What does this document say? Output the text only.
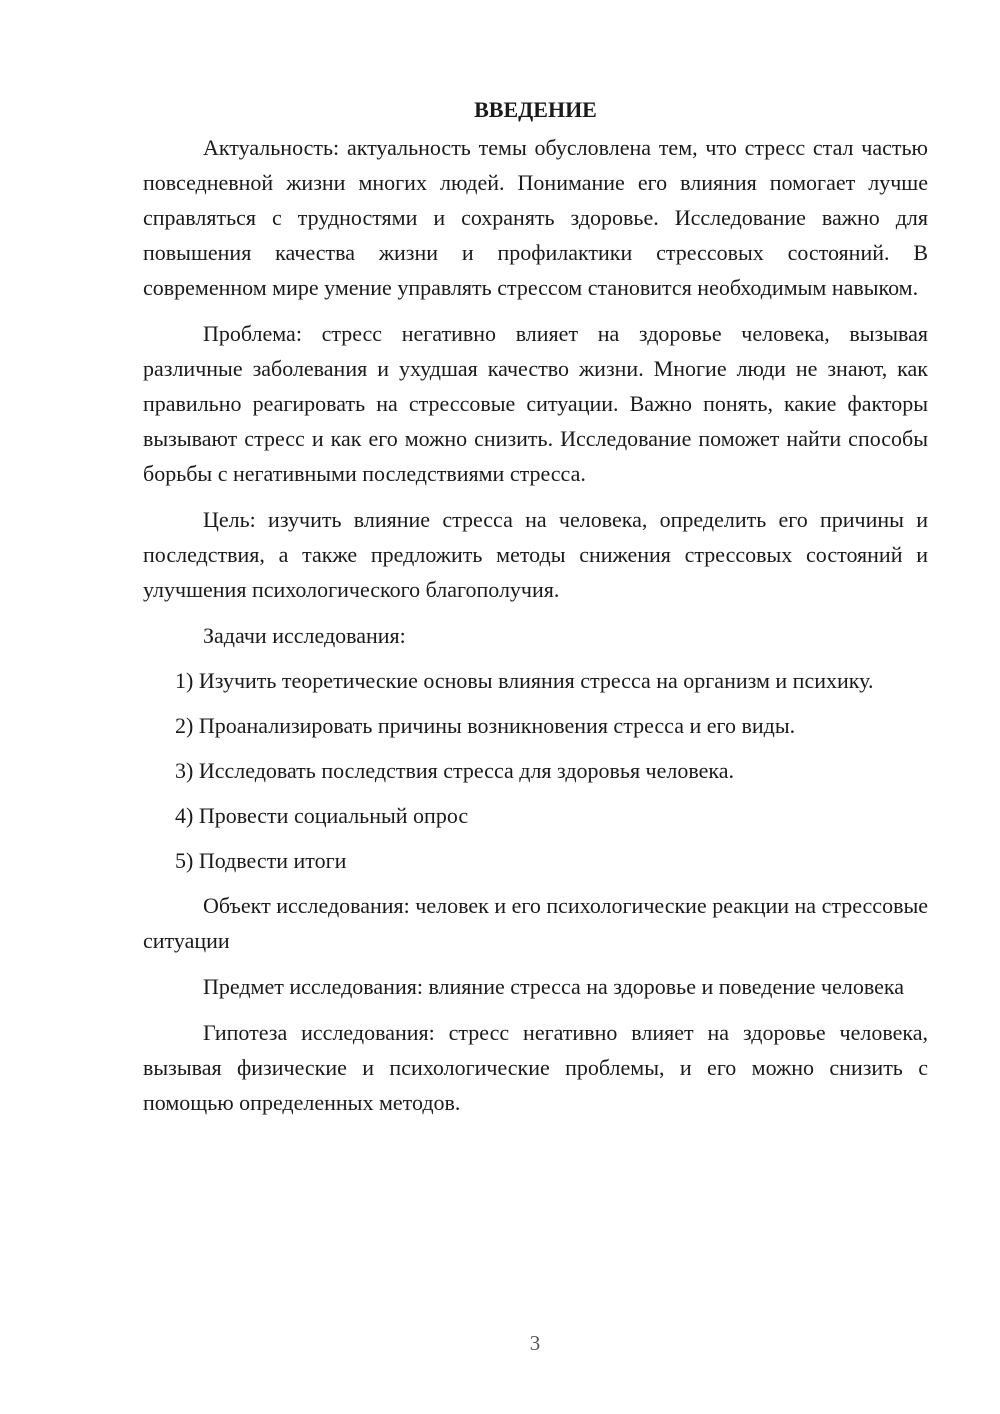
ВВЕДЕНИЕ

Актуальность: актуальность темы обусловлена тем, что стресс стал частью повседневной жизни многих людей. Понимание его влияния помогает лучше справляться с трудностями и сохранять здоровье. Исследование важно для повышения качества жизни и профилактики стрессовых состояний. В современном мире умение управлять стрессом становится необходимым навыком.

Проблема: стресс негативно влияет на здоровье человека, вызывая различные заболевания и ухудшая качество жизни. Многие люди не знают, как правильно реагировать на стрессовые ситуации. Важно понять, какие факторы вызывают стресс и как его можно снизить. Исследование поможет найти способы борьбы с негативными последствиями стресса.

Цель: изучить влияние стресса на человека, определить его причины и последствия, а также предложить методы снижения стрессовых состояний и улучшения психологического благополучия.

Задачи исследования:

1) Изучить теоретические основы влияния стресса на организм и психику.

2) Проанализировать причины возникновения стресса и его виды.

3) Исследовать последствия стресса для здоровья человека.

4) Провести социальный опрос

5) Подвести итоги

Объект исследования: человек и его психологические реакции на стрессовые ситуации

Предмет исследования: влияние стресса на здоровье и поведение человека

Гипотеза исследования: стресс негативно влияет на здоровье человека, вызывая физические и психологические проблемы, и его можно снизить с помощью определенных методов.

3
